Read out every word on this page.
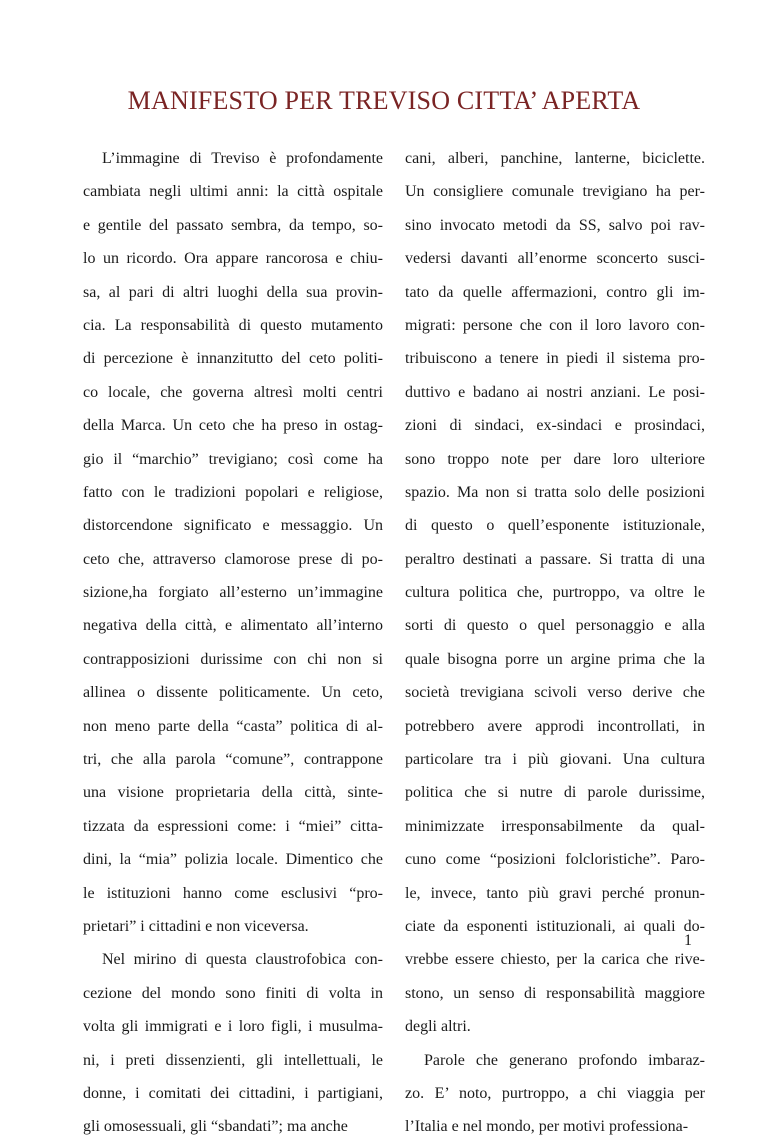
MANIFESTO PER TREVISO CITTA’ APERTA
L’immagine di Treviso è profondamente
cambiata negli ultimi anni: la città ospitale
e gentile del passato sembra, da tempo, so-
lo un ricordo. Ora appare rancorosa e chiu-
sa, al pari di altri luoghi della sua provin-
cia. La responsabilità di questo mutamento
di percezione è innanzitutto del ceto politi-
co locale, che governa altresì molti centri
della Marca. Un ceto che ha preso in ostag-
gio il “marchio” trevigiano; così come ha
fatto con le tradizioni popolari e religiose,
distorcendone significato e messaggio. Un
ceto che, attraverso clamorose prese di po-
sizione,ha forgiato all’esterno un’immagine
negativa della città, e alimentato all’interno
contrapposizioni durissime con chi non si
allinea o dissente politicamente. Un ceto,
non meno parte della “casta” politica di al-
tri, che alla parola “comune”, contrappone
una visione proprietaria della città, sinte-
tizzata da espressioni come: i “miei” citta-
dini, la “mia” polizia locale. Dimentico che
le istituzioni hanno come esclusivi “pro-
prietari” i cittadini e non viceversa.
Nel mirino di questa claustrofobica con-
cezione del mondo sono finiti di volta in
volta gli immigrati e i loro figli, i musulma-
ni, i preti dissenzienti, gli intellettuali, le
donne, i comitati dei cittadini, i partigiani,
gli omosessuali, gli “sbandati”; ma anche
cani, alberi, panchine, lanterne, biciclette.
Un consigliere comunale trevigiano ha per-
sino invocato metodi da SS, salvo poi rav-
vedersi davanti all’enorme sconcerto susci-
tato da quelle affermazioni, contro gli im-
migrati: persone che con il loro lavoro con-
tribuiscono a tenere in piedi il sistema pro-
duttivo e badano ai nostri anziani. Le posi-
zioni di sindaci, ex-sindaci e prosindaci,
sono troppo note per dare loro ulteriore
spazio. Ma non si tratta solo delle posizioni
di questo o quell’esponente istituzionale,
peraltro destinati a passare. Si tratta di una
cultura politica che, purtroppo, va oltre le
sorti di questo o quel personaggio e alla
quale bisogna porre un argine prima che la
società trevigiana scivoli verso derive che
potrebbero avere approdi incontrollati, in
particolare tra i più giovani. Una cultura
politica che si nutre di parole durissime,
minimizzate irresponsabilmente da qual-
cuno come “posizioni folcloristiche”. Paro-
le, invece, tanto più gravi perché pronun-
ciate da esponenti istituzionali, ai quali do-
vrebbe essere chiesto, per la carica che rive-
stono, un senso di responsabilità maggiore
degli altri.
Parole che generano profondo imbaraz-
zo. E’ noto, purtroppo, a chi viaggia per
l’Italia e nel mondo, per motivi professiona-
1
